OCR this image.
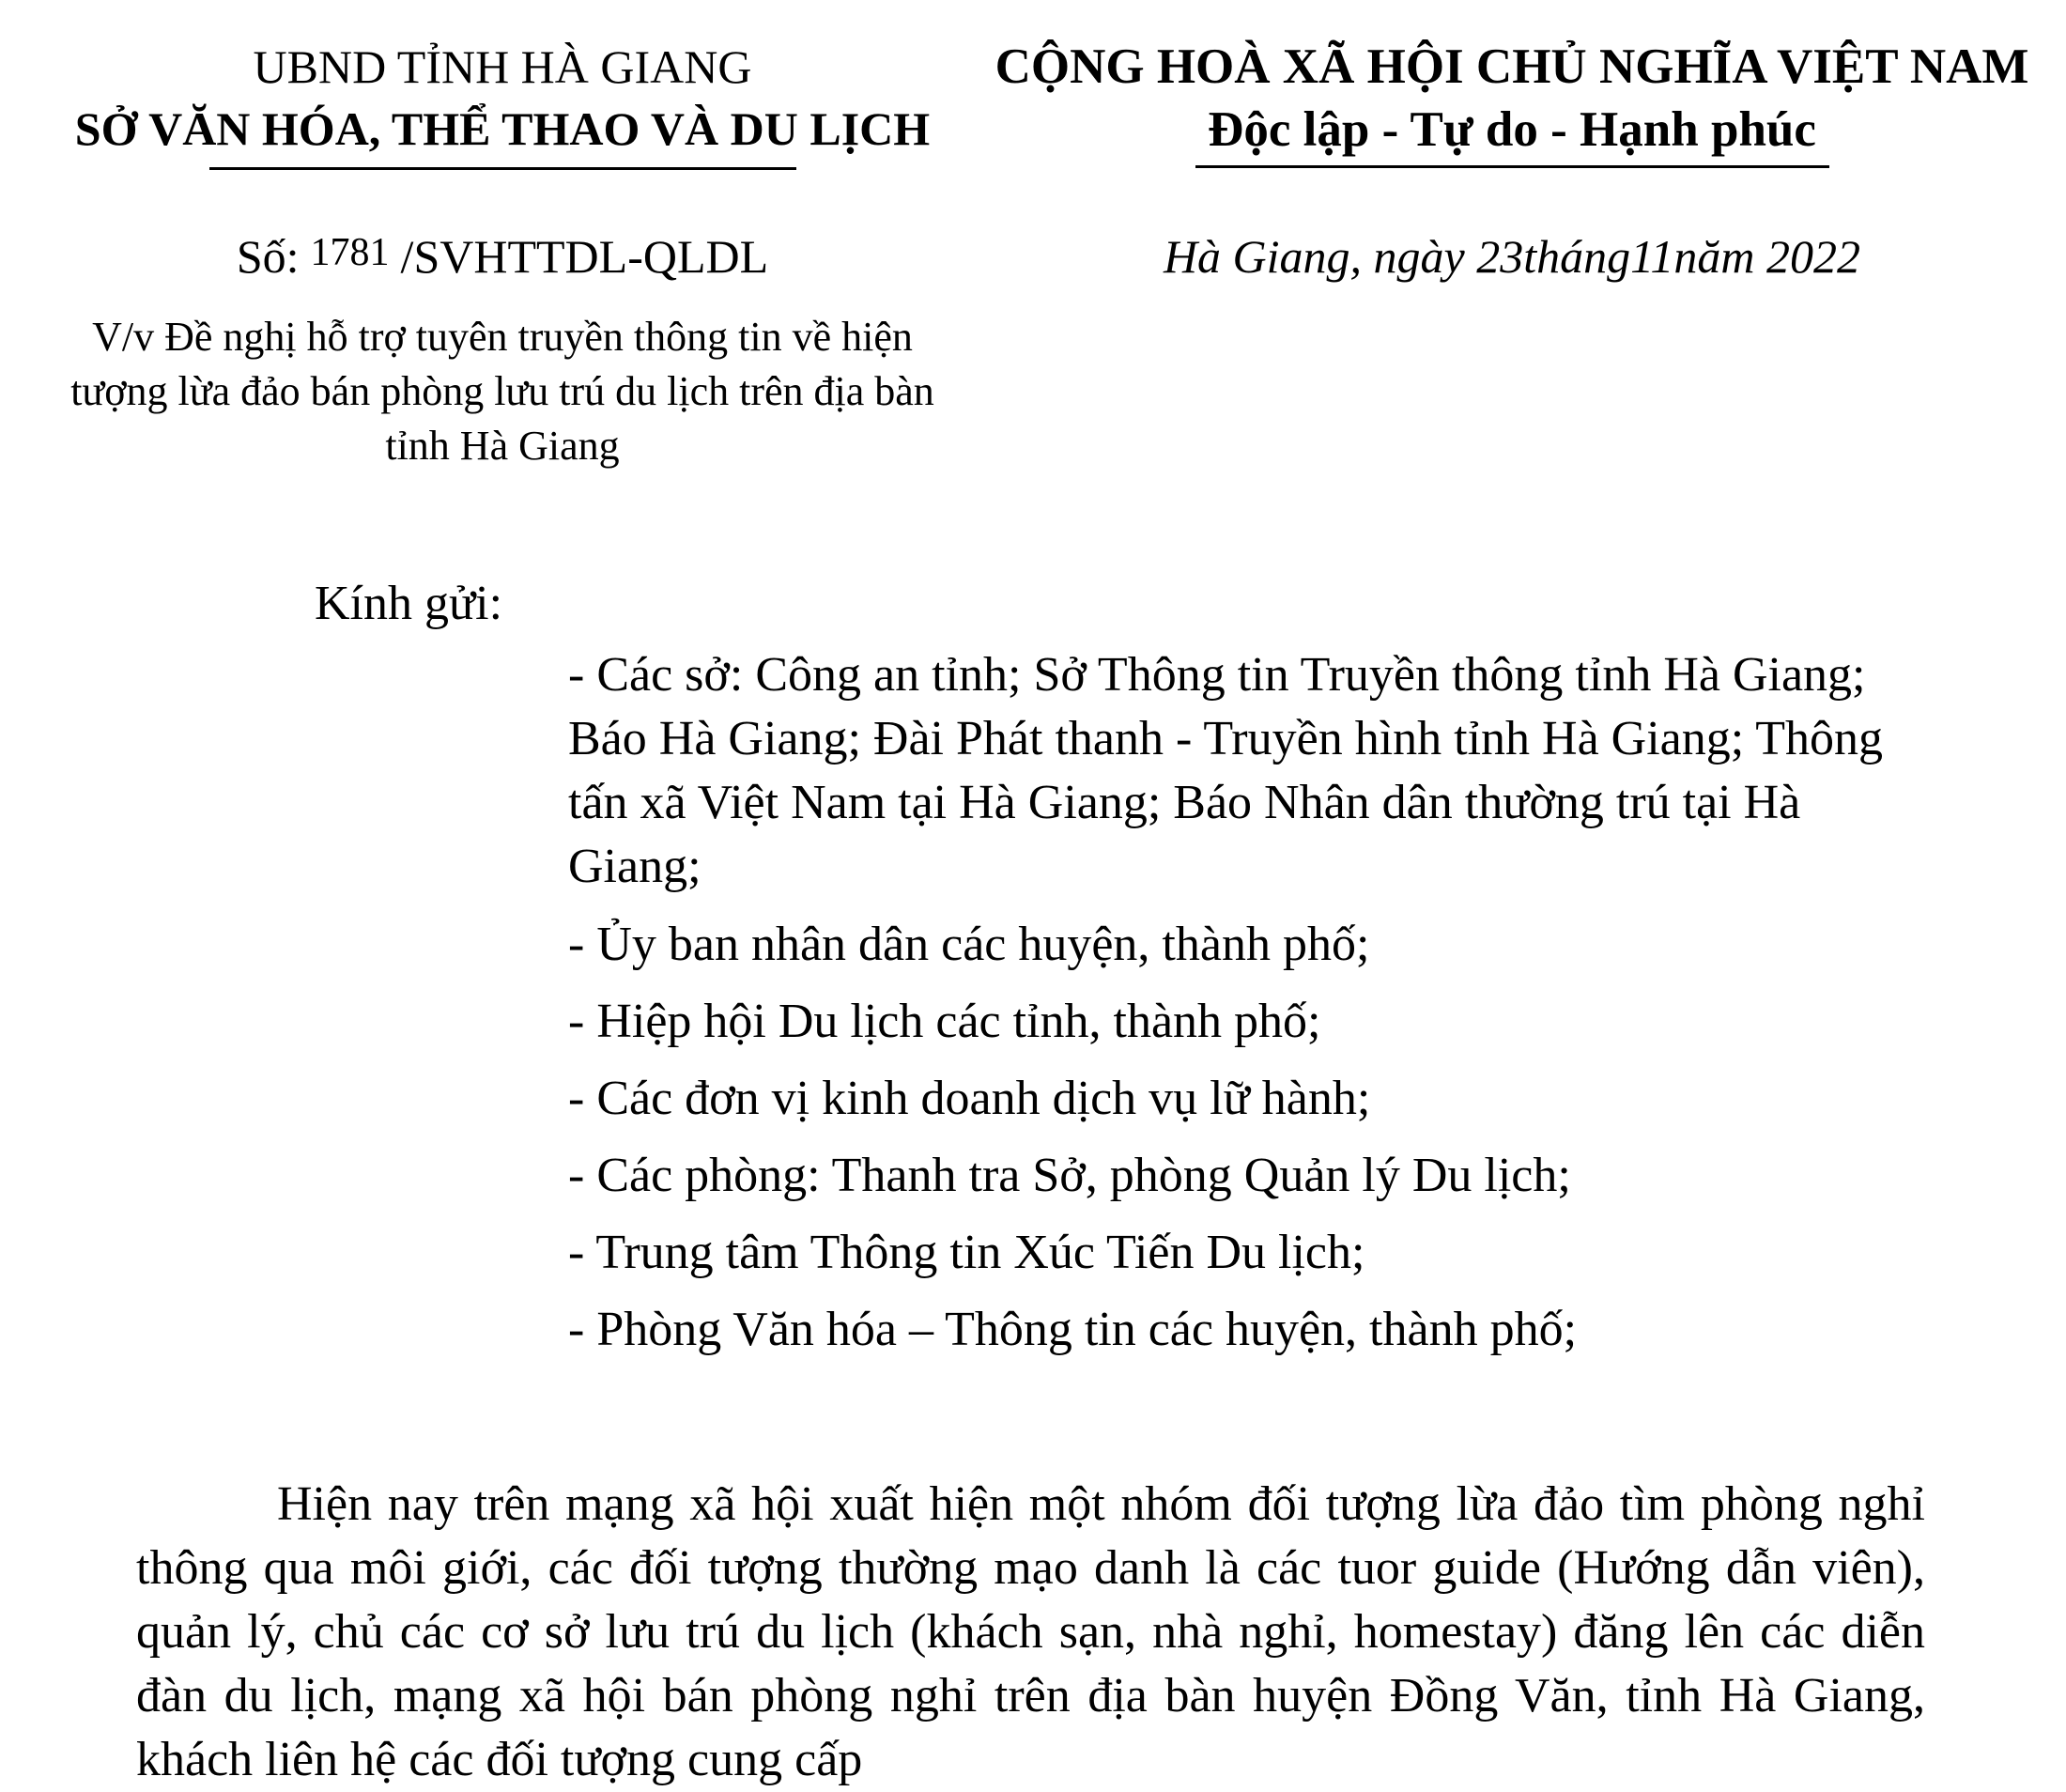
UBND TỈNH HÀ GIANG
SỞ VĂN HÓA, THỂ THAO VÀ DU LỊCH
CỘNG HOÀ XÃ HỘI CHỦ NGHĨA VIỆT NAM
Độc lập - Tự do - Hạnh phúc
Số: 1781 /SVHTTDL-QLDL	Hà Giang, ngày 23tháng11năm 2022
V/v Đề nghị hỗ trợ tuyên truyền thông tin về hiện
tượng lừa đảo bán phòng lưu trú du lịch trên địa bàn
tỉnh Hà Giang
Kính gửi:
- Các sở: Công an tỉnh; Sở Thông tin Truyền thông tỉnh Hà Giang; Báo Hà Giang; Đài Phát thanh - Truyền hình tỉnh Hà Giang; Thông tấn xã Việt Nam tại Hà Giang; Báo Nhân dân thường trú tại Hà Giang;
- Ủy ban nhân dân các huyện, thành phố;
- Hiệp hội Du lịch các tỉnh, thành phố;
- Các đơn vị kinh doanh dịch vụ lữ hành;
- Các phòng: Thanh tra Sở, phòng Quản lý Du lịch;
- Trung tâm Thông tin Xúc Tiến Du lịch;
- Phòng Văn hóa – Thông tin các huyện, thành phố;
Hiện nay trên mạng xã hội xuất hiện một nhóm đối tượng lừa đảo tìm phòng nghỉ thông qua môi giới, các đối tượng thường mạo danh là các tuor guide (Hướng dẫn viên), quản lý, chủ các cơ sở lưu trú du lịch (khách sạn, nhà nghỉ, homestay) đăng lên các diễn đàn du lịch, mạng xã hội bán phòng nghỉ trên địa bàn huyện Đồng Văn, tỉnh Hà Giang, khách liên hệ các đối tượng cung cấp
